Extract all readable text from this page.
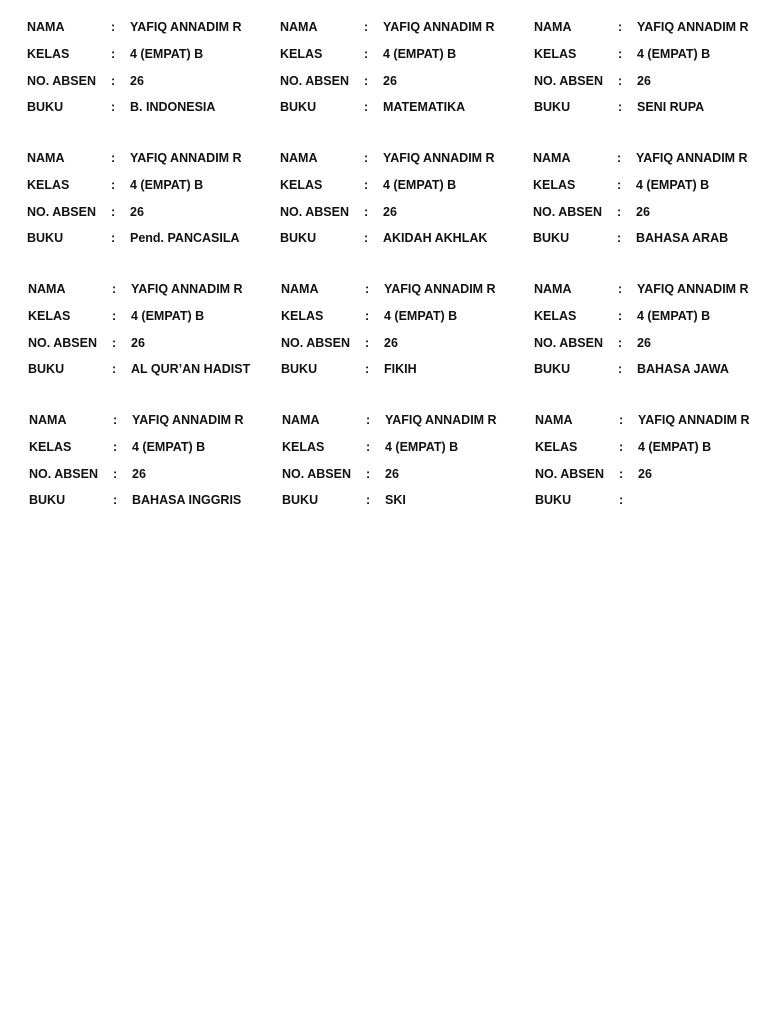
NAMA	: YAFIQ ANNADIM R
KELAS	: 4 (EMPAT) B
NO. ABSEN : 26
BUKU	: B. INDONESIA
NAMA	: YAFIQ ANNADIM R
KELAS	: 4 (EMPAT) B
NO. ABSEN : 26
BUKU	: MATEMATIKA
NAMA	: YAFIQ ANNADIM R
KELAS	: 4 (EMPAT) B
NO. ABSEN : 26
BUKU	: SENI RUPA
NAMA	: YAFIQ ANNADIM R
KELAS	: 4 (EMPAT) B
NO. ABSEN : 26
BUKU	: Pend. PANCASILA
NAMA	: YAFIQ ANNADIM R
KELAS	: 4 (EMPAT) B
NO. ABSEN : 26
BUKU	: AKIDAH AKHLAK
NAMA	: YAFIQ ANNADIM R
KELAS	: 4 (EMPAT) B
NO. ABSEN : 26
BUKU	: BAHASA ARAB
NAMA	: YAFIQ ANNADIM R
KELAS	: 4 (EMPAT) B
NO. ABSEN : 26
BUKU	: AL QUR’AN HADIST
NAMA	: YAFIQ ANNADIM R
KELAS	: 4 (EMPAT) B
NO. ABSEN : 26
BUKU	: FIKIH
NAMA	: YAFIQ ANNADIM R
KELAS	: 4 (EMPAT) B
NO. ABSEN : 26
BUKU	: BAHASA JAWA
NAMA	: YAFIQ ANNADIM R
KELAS	: 4 (EMPAT) B
NO. ABSEN : 26
BUKU	: BAHASA INGGRIS
NAMA	: YAFIQ ANNADIM R
KELAS	: 4 (EMPAT) B
NO. ABSEN : 26
BUKU	: SKI
NAMA	: YAFIQ ANNADIM R
KELAS	: 4 (EMPAT) B
NO. ABSEN : 26
BUKU	:
